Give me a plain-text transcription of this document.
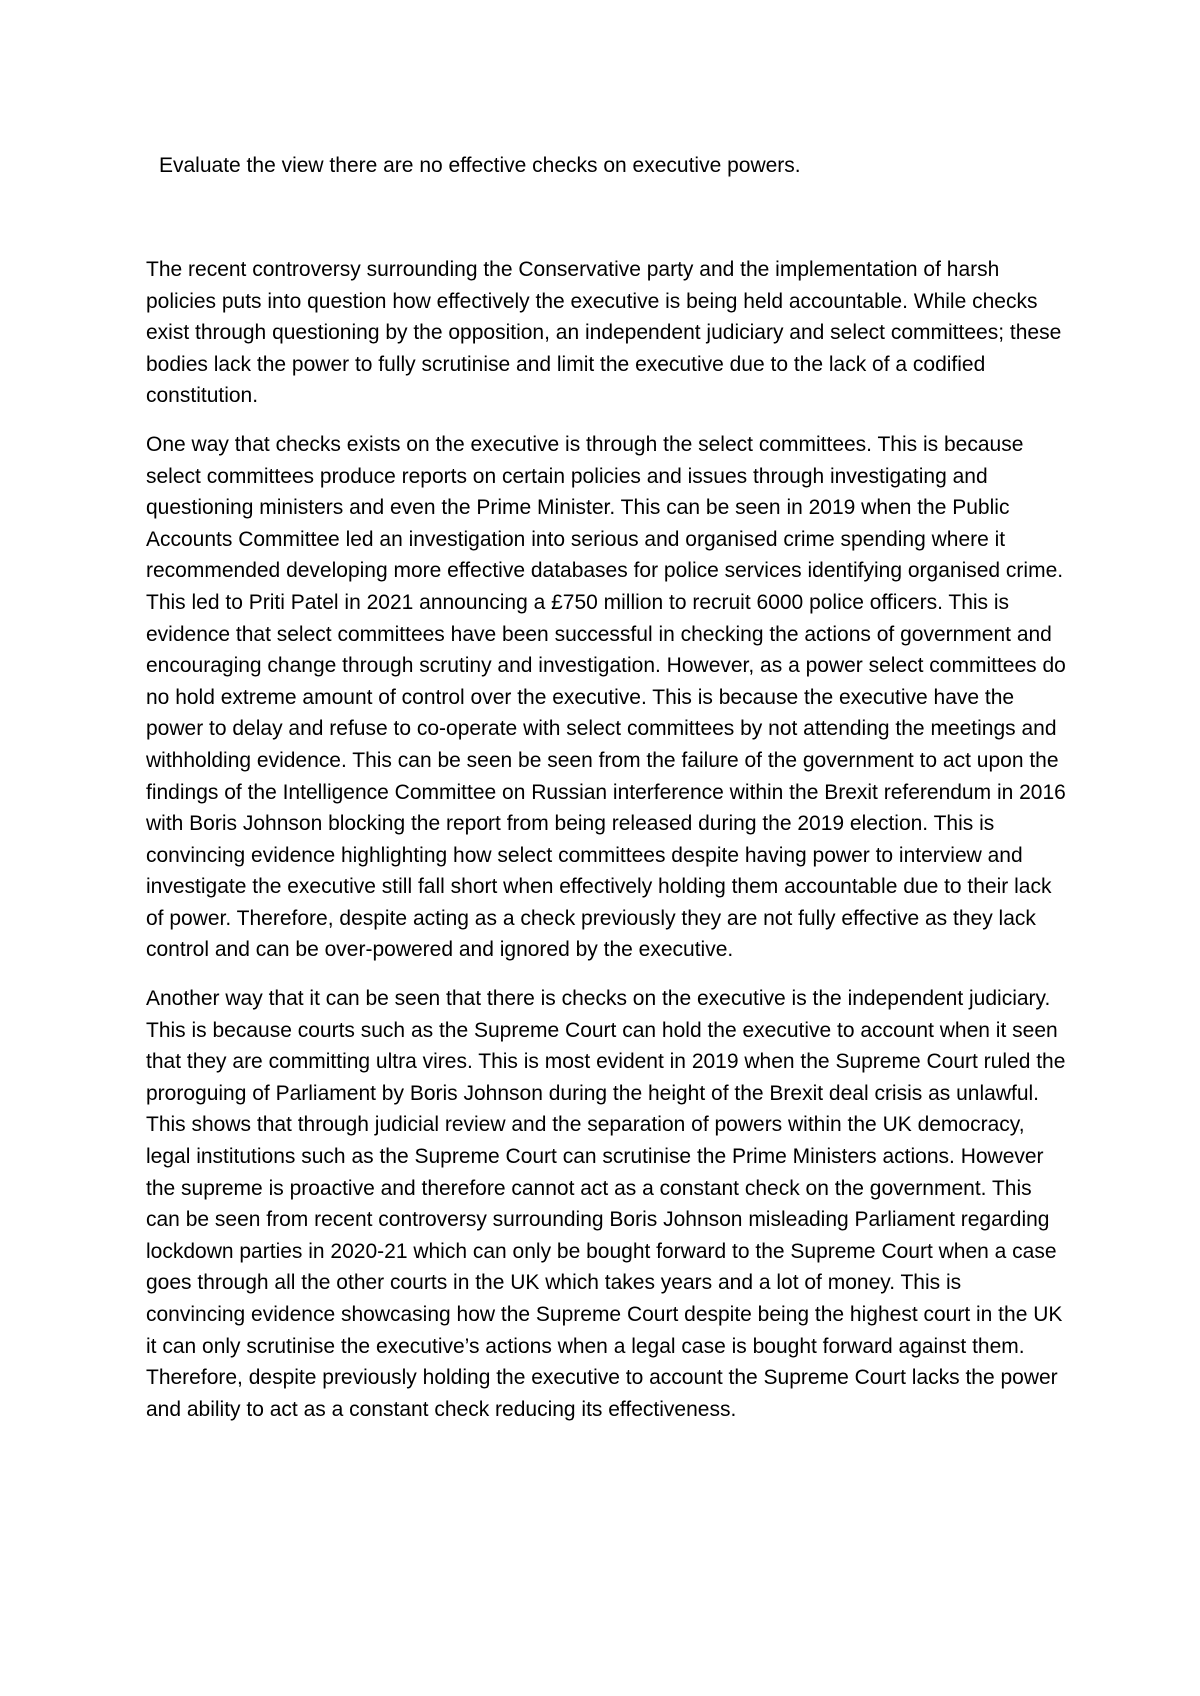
Evaluate the view there are no effective checks on executive powers.

The recent controversy surrounding the Conservative party and the implementation of harsh policies puts into question how effectively the executive is being held accountable. While checks exist through questioning by the opposition, an independent judiciary and select committees; these bodies lack the power to fully scrutinise and limit the executive due to the lack of a codified constitution.

One way that checks exists on the executive is through the select committees. This is because select committees produce reports on certain policies and issues through investigating and questioning ministers and even the Prime Minister. This can be seen in 2019 when the Public Accounts Committee led an investigation into serious and organised crime spending where it recommended developing more effective databases for police services identifying organised crime. This led to Priti Patel in 2021 announcing a £750 million to recruit 6000 police officers. This is evidence that select committees have been successful in checking the actions of government and encouraging change through scrutiny and investigation. However, as a power select committees do no hold extreme amount of control over the executive. This is because the executive have the power to delay and refuse to co-operate with select committees by not attending the meetings and withholding evidence. This can be seen be seen from the failure of the government to act upon the findings of the Intelligence Committee on Russian interference within the Brexit referendum in 2016 with Boris Johnson blocking the report from being released during the 2019 election. This is convincing evidence highlighting how select committees despite having power to interview and investigate the executive still fall short when effectively holding them accountable due to their lack of power. Therefore, despite acting as a check previously they are not fully effective as they lack control and can be over-powered and ignored by the executive.

Another way that it can be seen that there is checks on the executive is the independent judiciary. This is because courts such as the Supreme Court can hold the executive to account when it seen that they are committing ultra vires. This is most evident in 2019 when the Supreme Court ruled the proroguing of Parliament by Boris Johnson during the height of the Brexit deal crisis as unlawful. This shows that through judicial review and the separation of powers within the UK democracy, legal institutions such as the Supreme Court can scrutinise the Prime Ministers actions. However the supreme is proactive and therefore cannot act as a constant check on the government. This can be seen from recent controversy surrounding Boris Johnson misleading Parliament regarding lockdown parties in 2020-21 which can only be bought forward to the Supreme Court when a case goes through all the other courts in the UK which takes years and a lot of money. This is convincing evidence showcasing how the Supreme Court despite being the highest court in the UK it can only scrutinise the executive’s actions when a legal case is bought forward against them. Therefore, despite previously holding the executive to account the Supreme Court lacks the power and ability to act as a constant check reducing its effectiveness.
